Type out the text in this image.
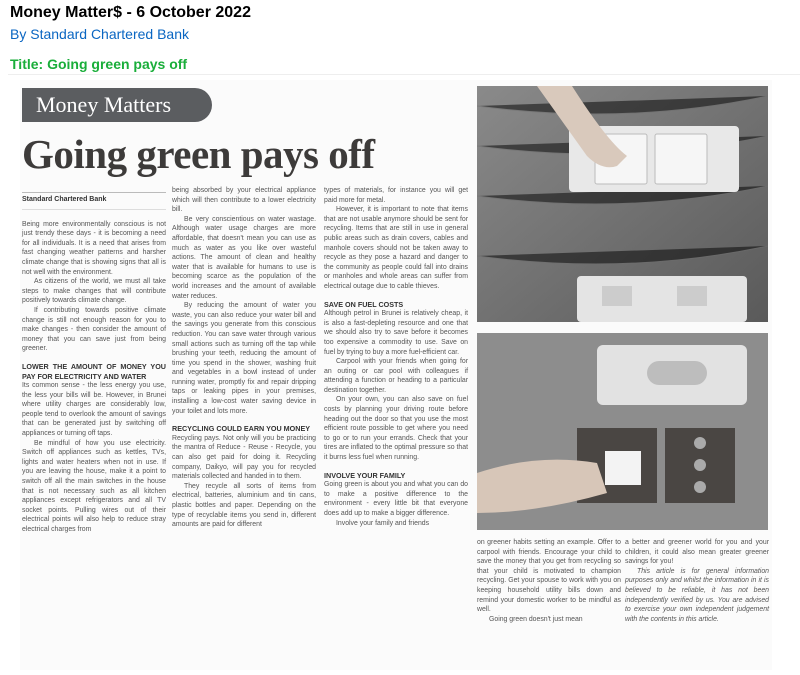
Money Matter$ - 6 October 2022
By Standard Chartered Bank
Title: Going green pays off
Money Matters
Going green pays off
Standard Chartered Bank

Being more environmentally conscious is not just trendy these days - it is becoming a need for all individuals. It is a need that arises from fast changing weather patterns and harsher climate change that is showing signs that all is not well with the environment.

As citizens of the world, we must all take steps to make changes that will contribute positively towards climate change.

If contributing towards positive climate change is still not enough reason for you to make changes - then consider the amount of money that you can save just from being greener.

LOWER THE AMOUNT OF MONEY YOU PAY FOR ELECTRICITY AND WATER

Its common sense - the less energy you use, the less your bills will be. However, in Brunei where utility charges are considerably low, people tend to overlook the amount of savings that can be generated just by switching off appliances or turning off taps.

Be mindful of how you use electricity. Switch off appliances such as kettles, TVs, lights and water heaters when not in use. If you are leaving the house, make it a point to switch off all the main switches in the house that is not necessary such as all kitchen appliances except refrigerators and all TV socket points. Pulling wires out of their electrical points will also help to reduce stray electrical charges from

being absorbed by your electrical appliance which will then contribute to a lower electricity bill.

Be very conscientious on water wastage. Although water usage charges are more affordable, that doesn't mean you can use as much as water as you like over wasteful actions. The amount of clean and healthy water that is available for humans to use is becoming scarce as the population of the world increases and the amount of available water reduces.

By reducing the amount of water you waste, you can also reduce your water bill and the savings you generate from this conscious reduction. You can save water through various small actions such as turning off the tap while brushing your teeth, reducing the amount of time you spend in the shower, washing fruit and vegetables in a bowl instead of under running water, promptly fix and repair dripping taps or leaking pipes in your premises, installing a low-cost water saving device in your toilet and lots more.

RECYCLING COULD EARN YOU MONEY

Recycling pays. Not only will you be practicing the mantra of Reduce - Reuse - Recycle, you can also get paid for doing it. Recycling company, Daikyo, will pay you for recycled materials collected and handed in to them.

They recycle all sorts of items from electrical, batteries, aluminium and tin cans, plastic bottles and paper. Depending on the type of recyclable items you send in, different amounts are paid for different

types of materials, for instance you will get paid more for metal.

However, it is important to note that items that are not usable anymore should be sent for recycling. Items that are still in use in general public areas such as drain covers, cables and manhole covers should not be taken away to recycle as they pose a hazard and danger to the community as people could fall into drains or manholes and whole areas can suffer from electrical outage due to cable thieves.

SAVE ON FUEL COSTS

Although petrol in Brunei is relatively cheap, it is also a fast-depleting resource and one that we should also try to save before it becomes too expensive a commodity to use. Save on fuel by trying to buy a more fuel-efficient car.

Carpool with your friends when going for an outing or car pool with colleagues if attending a function or heading to a particular destination together.

On your own, you can also save on fuel costs by planning your driving route before heading out the door so that you use the most efficient route possible to get where you need to go or to run your errands. Check that your tires are inflated to the optimal pressure so that it burns less fuel when running.

INVOLVE YOUR FAMILY

Going green is about you and what you can do to make a positive difference to the environment - every little bit that everyone does add up to make a bigger difference.

Involve your family and friends

on greener habits setting an example. Offer to carpool with friends. Encourage your child to save the money that you get from recycling so that your child is motivated to champion recycling. Get your spouse to work with you on keeping household utility bills down and remind your domestic worker to be mindful as well.

Going green doesn't just mean

a better and greener world for you and your children, it could also mean greater greener savings for you!

This article is for general information purposes only and whilst the information in it is believed to be reliable, it has not been independently verified by us. You are advised to exercise your own independent judgement with the contents in this article.
